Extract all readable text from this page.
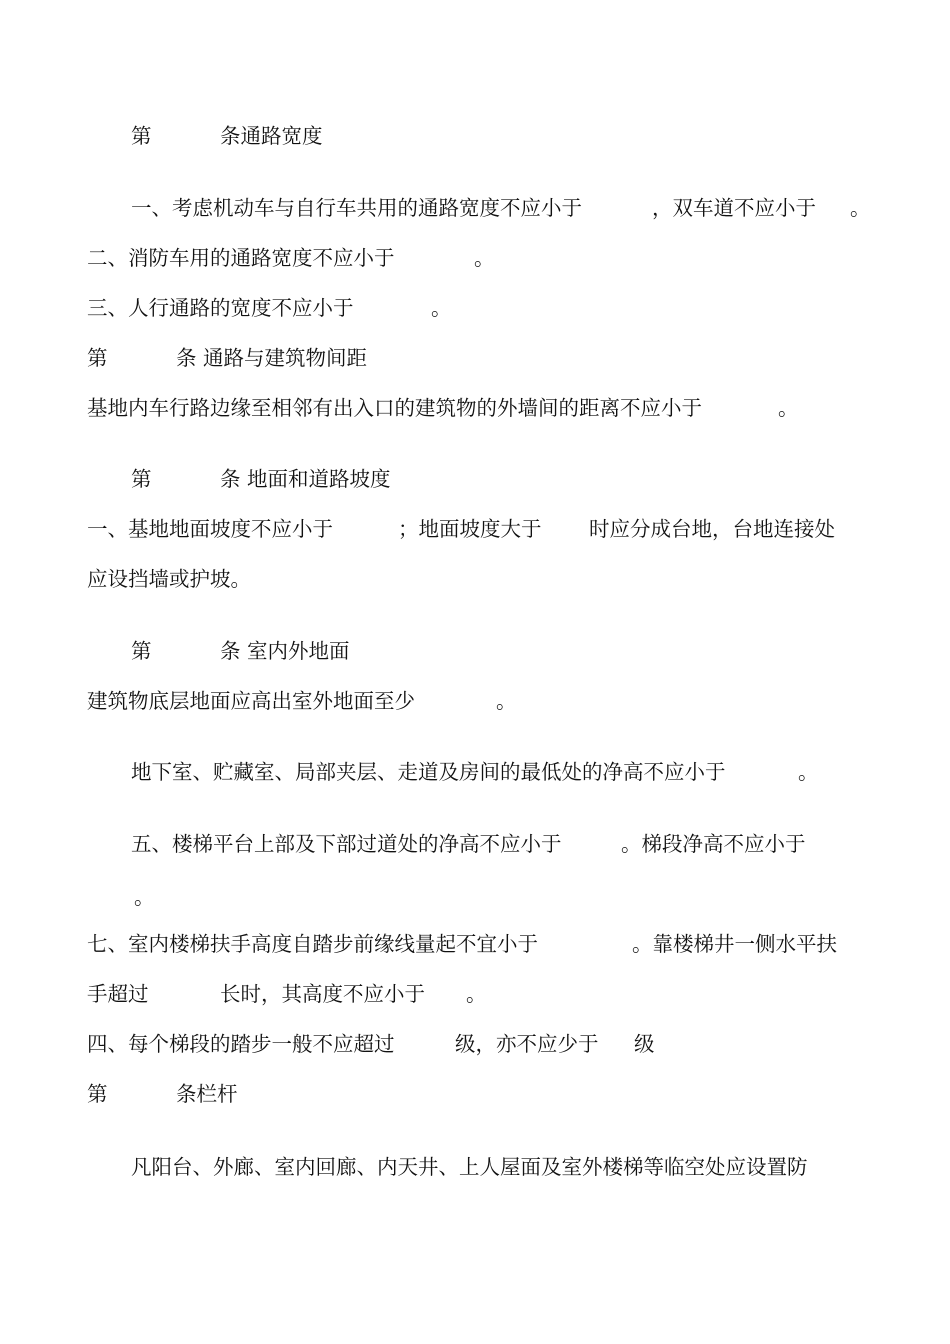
第	条通路宽度
一、考虑机动车与自行车共用的通路宽度不应小于	，双车道不应小于 。
二、消防车用的通路宽度不应小于	。
三、人行通路的宽度不应小于	。
第	条 通路与建筑物间距
基地内车行路边缘至相邻有出入口的建筑物的外墙间的距离不应小于	。
第	条 地面和道路坡度
一、基地地面坡度不应小于	；地面坡度大于 时应分成台地，台地连接处
应设挡墙或护坡。
第	条 室内外地面
建筑物底层地面应高出室外地面至少	。
地下室、贮藏室、局部夹层、走道及房间的最低处的净高不应小于	。
五、楼梯平台上部及下部过道处的净高不应小于	。梯段净高不应小于
。
七、室内楼梯扶手高度自踏步前缘线量起不宜小于	。靠楼梯井一侧水平扶
手超过	长时，其高度不应小于 。
四、每个梯段的踏步一般不应超过	级，亦不应少于 级
第	条栏杆
凡阳台、外廊、室内回廊、内天井、上人屋面及室外楼梯等临空处应设置防
